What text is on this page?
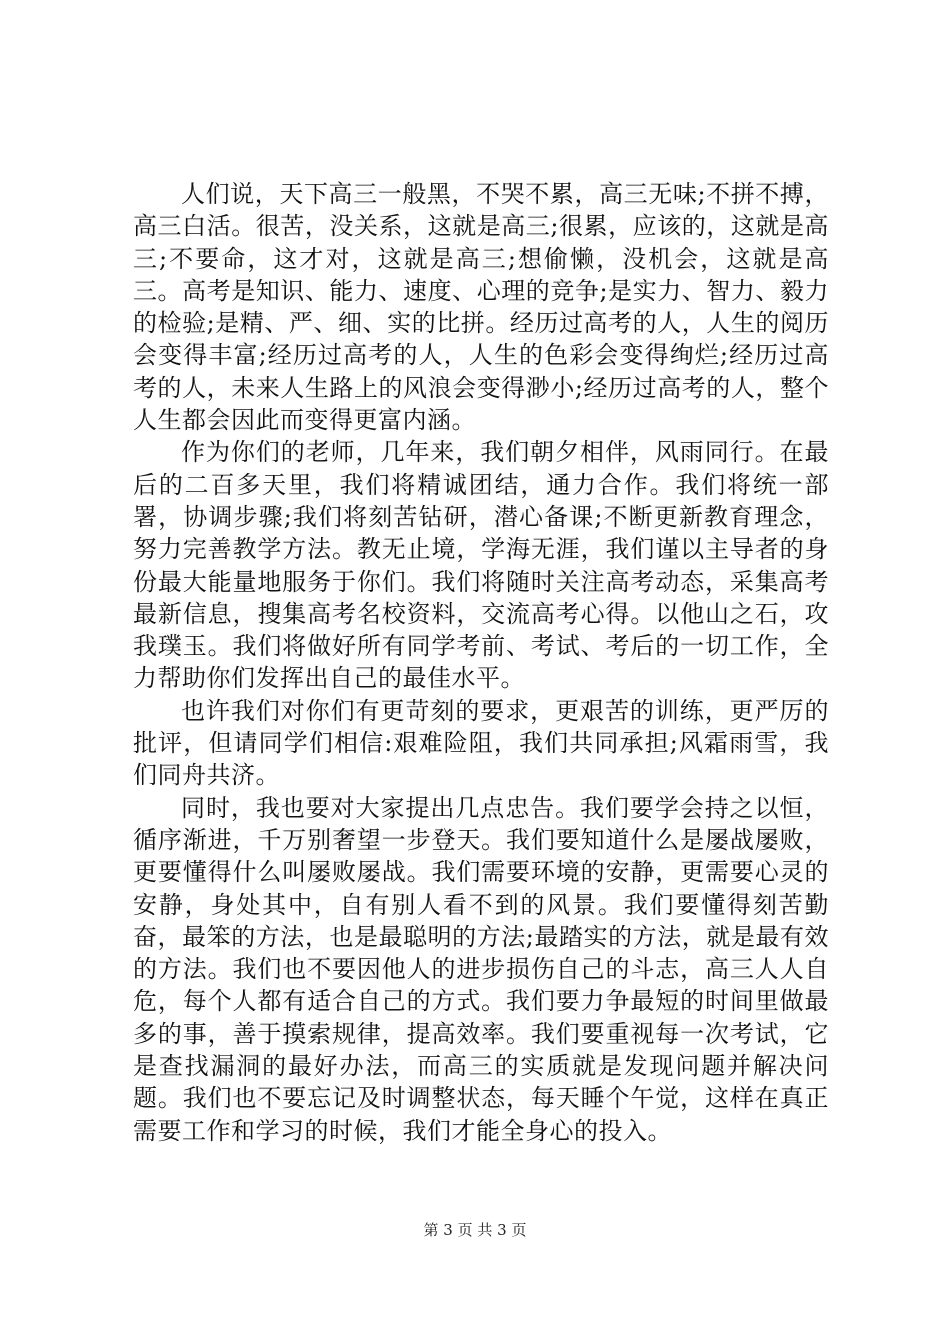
人们说，天下高三一般黑，不哭不累，高三无味;不拼不搏，高三白活。很苦，没关系，这就是高三;很累，应该的，这就是高三;不要命，这才对，这就是高三;想偷懒，没机会，这就是高三。高考是知识、能力、速度、心理的竞争;是实力、智力、毅力的检验;是精、严、细、实的比拼。经历过高考的人，人生的阅历会变得丰富;经历过高考的人，人生的色彩会变得绚烂;经历过高考的人，未来人生路上的风浪会变得渺小;经历过高考的人，整个人生都会因此而变得更富内涵。

作为你们的老师，几年来，我们朝夕相伴，风雨同行。在最后的二百多天里，我们将精诚团结，通力合作。我们将统一部署，协调步骤;我们将刻苦钻研，潜心备课;不断更新教育理念，努力完善教学方法。教无止境，学海无涯，我们谨以主导者的身份最大能量地服务于你们。我们将随时关注高考动态，采集高考最新信息，搜集高考名校资料，交流高考心得。以他山之石，攻我璞玉。我们将做好所有同学考前、考试、考后的一切工作，全力帮助你们发挥出自己的最佳水平。

也许我们对你们有更苛刻的要求，更艰苦的训练，更严厉的批评，但请同学们相信:艰难险阻，我们共同承担;风霜雨雪，我们同舟共济。

同时，我也要对大家提出几点忠告。我们要学会持之以恒，循序渐进，千万别奢望一步登天。我们要知道什么是屡战屡败，更要懂得什么叫屡败屡战。我们需要环境的安静，更需要心灵的安静，身处其中，自有别人看不到的风景。我们要懂得刻苦勤奋，最笨的方法，也是最聪明的方法;最踏实的方法，就是最有效的方法。我们也不要因他人的进步损伤自己的斗志，高三人人自危，每个人都有适合自己的方式。我们要力争最短的时间里做最多的事，善于摸索规律，提高效率。我们要重视每一次考试，它是查找漏洞的最好办法，而高三的实质就是发现问题并解决问题。我们也不要忘记及时调整状态，每天睡个午觉，这样在真正需要工作和学习的时候，我们才能全身心的投入。

第 3 页 共 3 页
